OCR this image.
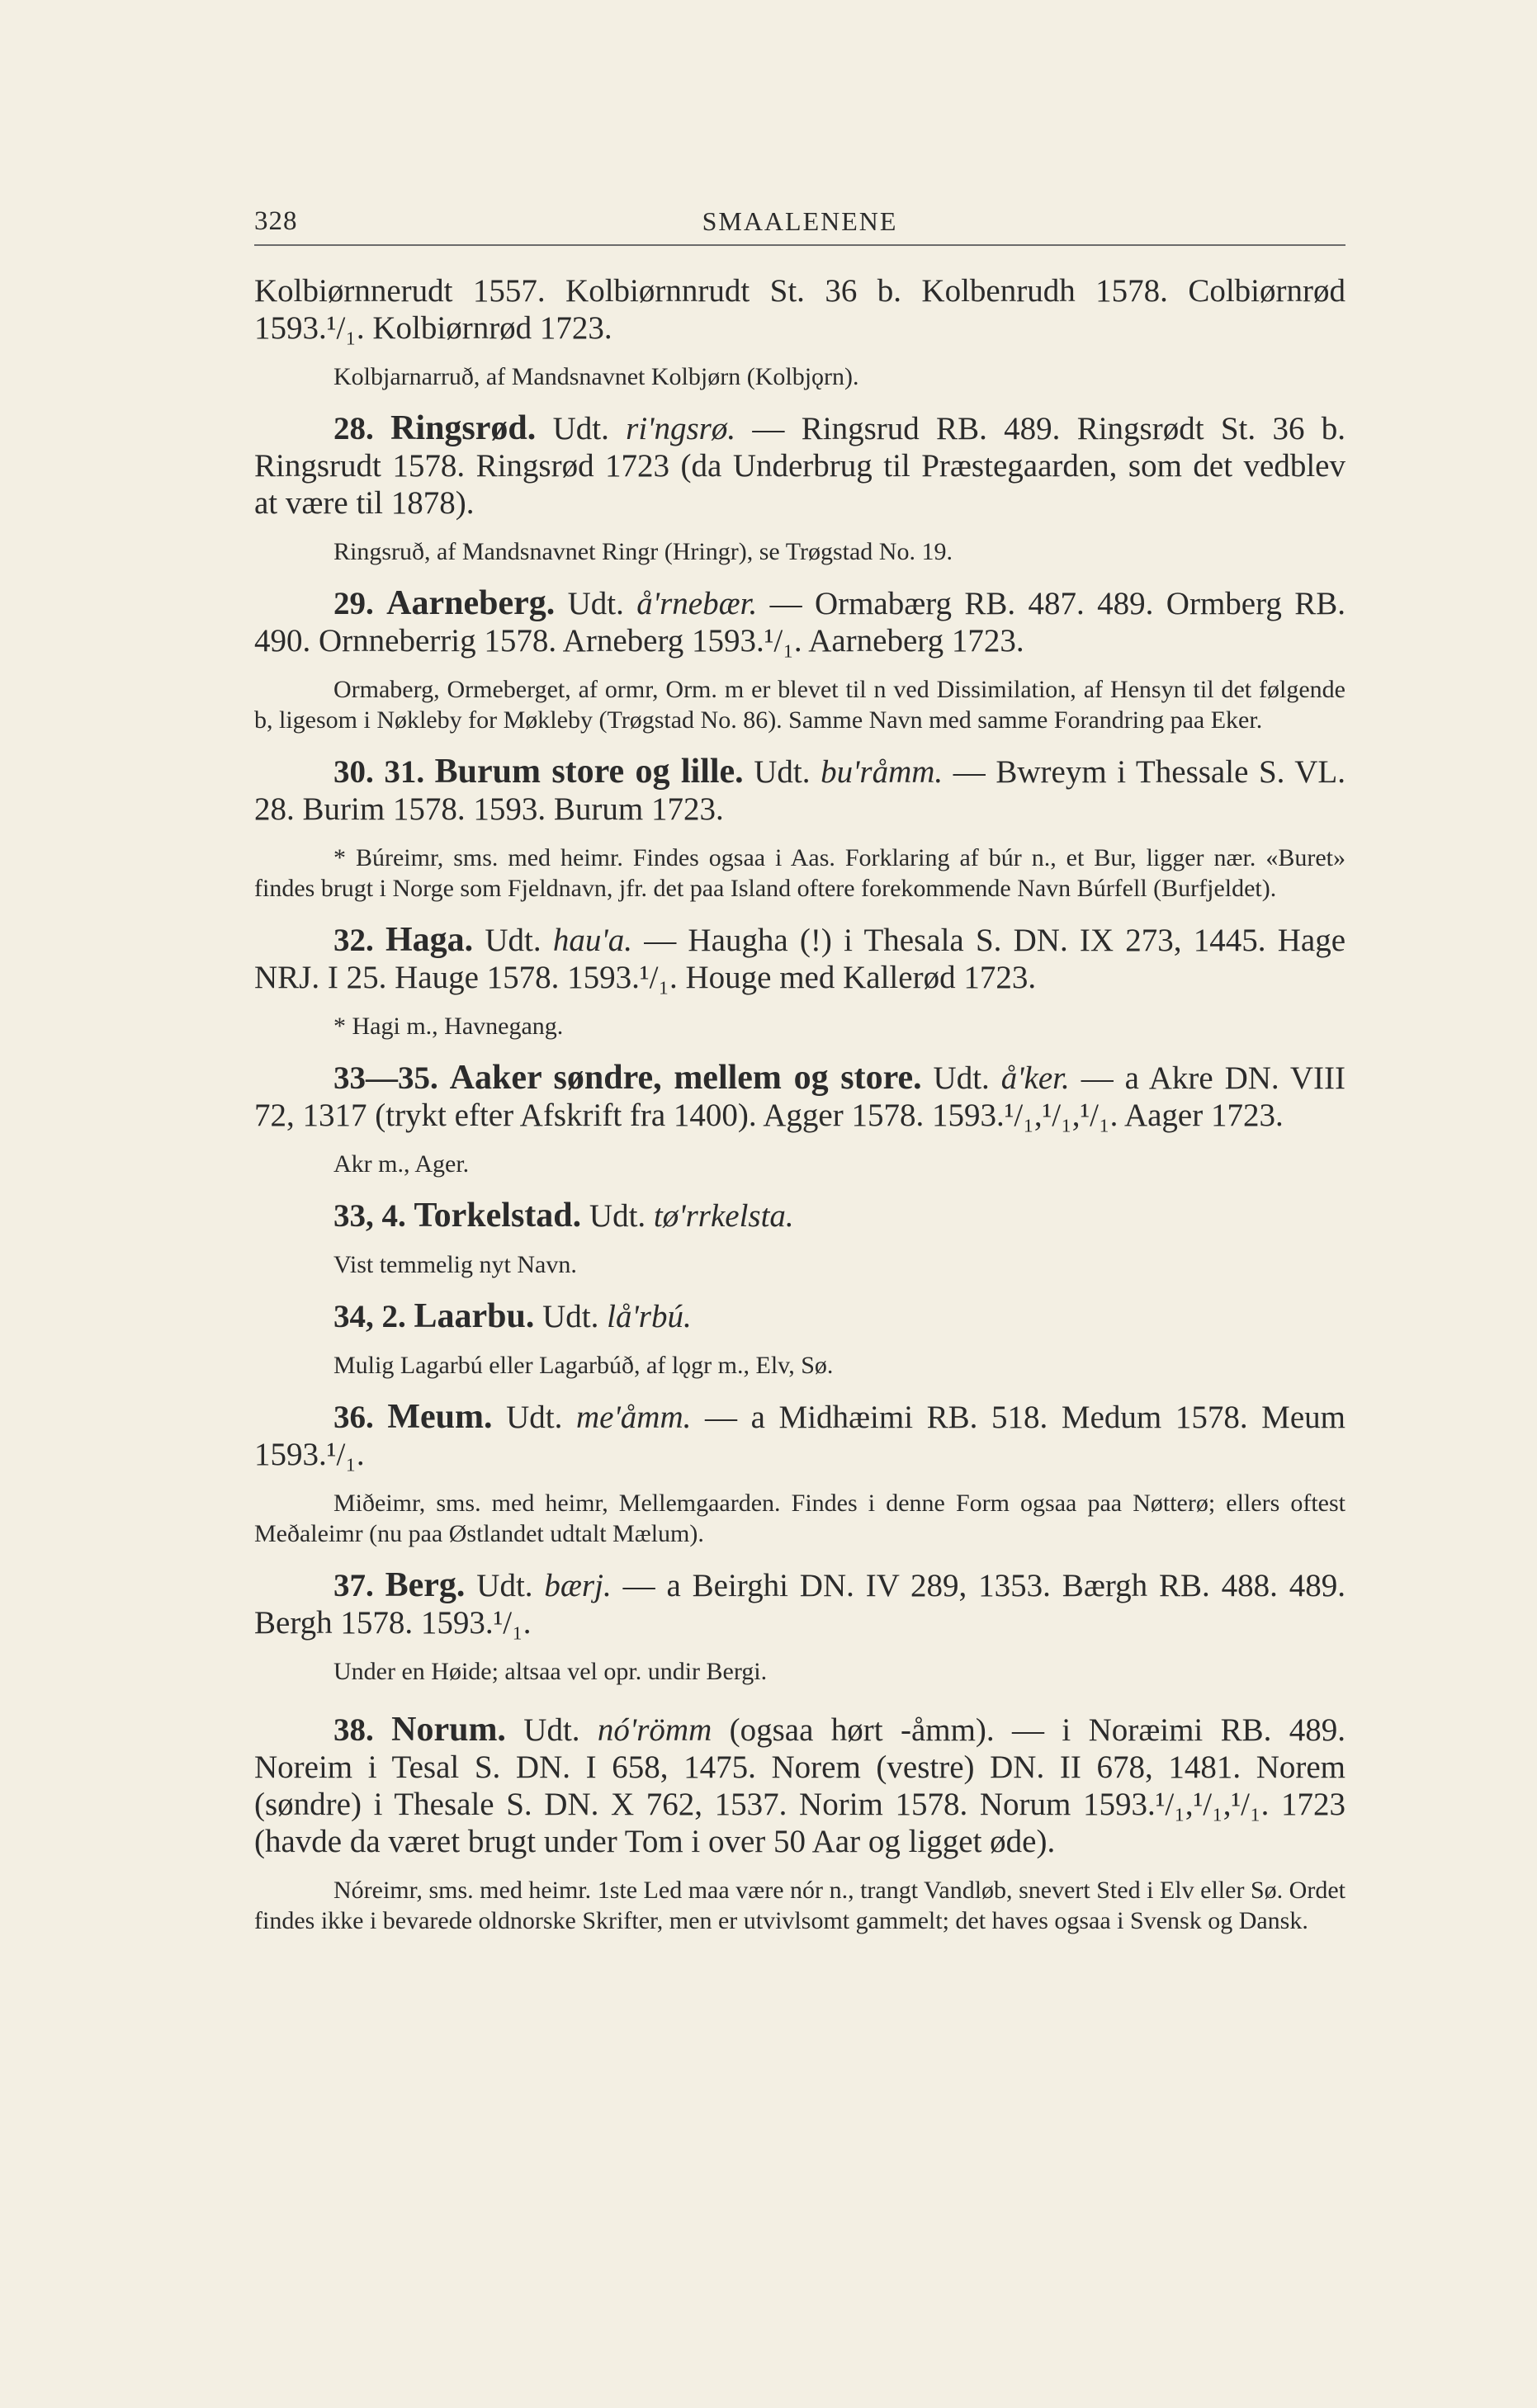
328	SMAALENENE

Kolbiørnnerudt 1557. Kolbiørnnrudt St. 36 b. Kolbenrudh 1578. Colbiørnrød 1593.¹/₁. Kolbiørnrød 1723.

Kolbjarnarruð, af Mandsnavnet Kolbjørn (Kolbjǫrn).

28. Ringsrød. Udt. ri'ngsrø. — Ringsrud RB. 489. Ringsrødt St. 36 b. Ringsrudt 1578. Ringsrød 1723 (da Underbrug til Præstegaarden, som det vedblev at være til 1878).

Ringsruð, af Mandsnavnet Ringr (Hringr), se Trøgstad No. 19.

29. Aarneberg. Udt. å'rnebær. — Ormabærg RB. 487. 489. Ormberg RB. 490. Ornneberrig 1578. Arneberg 1593.¹/₁. Aarneberg 1723.

Ormaberg, Ormeberget, af ormr, Orm. m er blevet til n ved Dissimilation, af Hensyn til det følgende b, ligesom i Nøkleby for Møkleby (Trøgstad No. 86). Samme Navn med samme Forandring paa Eker.

30. 31. Burum store og lille. Udt. bu'råmm. — Bwreym i Thessale S. VL. 28. Burim 1578. 1593. Burum 1723.

* Búreimr, sms. med heimr. Findes ogsaa i Aas. Forklaring af búr n., et Bur, ligger nær. «Buret» findes brugt i Norge som Fjeldnavn, jfr. det paa Island oftere forekommende Navn Búrfell (Burfjeldet).

32. Haga. Udt. hau'a. — Haugha (!) i Thesala S. DN. IX 273, 1445. Hage NRJ. I 25. Hauge 1578. 1593.¹/₁. Houge med Kallerød 1723.

* Hagi m., Havnegang.

33—35. Aaker søndre, mellem og store. Udt. å'ker. — a Akre DN. VIII 72, 1317 (trykt efter Afskrift fra 1400). Agger 1578. 1593.¹/₁,¹/₁,¹/₁. Aager 1723.

Akr m., Ager.

33, 4. Torkelstad. Udt. tø'rrkelsta.

Vist temmelig nyt Navn.

34, 2. Laarbu. Udt. lå'rbú.

Mulig Lagarbú eller Lagarbúð, af lǫgr m., Elv, Sø.

36. Meum. Udt. me'åmm. — a Midhæimi RB. 518. Medum 1578. Meum 1593.¹/₁.

Miðeimr, sms. med heimr, Mellemgaarden. Findes i denne Form ogsaa paa Nøtterø; ellers oftest Meðaleimr (nu paa Østlandet udtalt Mælum).

37. Berg. Udt. bærj. — a Beirghi DN. IV 289, 1353. Bærgh RB. 488. 489. Bergh 1578. 1593.¹/₁.

Under en Høide; altsaa vel opr. undir Bergi.

38. Norum. Udt. nó'römm (ogsaa hørt -åmm). — i Noræimi RB. 489. Noreim i Tesal S. DN. I 658, 1475. Norem (vestre) DN. II 678, 1481. Norem (søndre) i Thesale S. DN. X 762, 1537. Norim 1578. Norum 1593.¹/₁,¹/₁,¹/₁. 1723 (havde da været brugt under Tom i over 50 Aar og ligget øde).

Nóreimr, sms. med heimr. 1ste Led maa være nór n., trangt Vandløb, snevert Sted i Elv eller Sø. Ordet findes ikke i bevarede oldnorske Skrifter, men er utvivlsomt gammelt; det haves ogsaa i Svensk og Dansk.
